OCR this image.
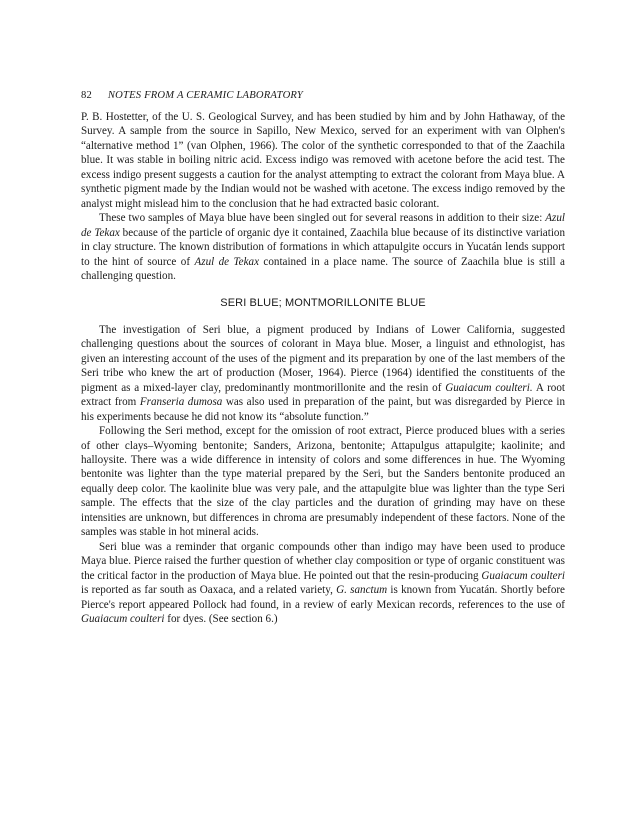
82 NOTES FROM A CERAMIC LABORATORY

P. B. Hostetter, of the U. S. Geological Survey, and has been studied by him and by John Hathaway, of the Survey. A sample from the source in Sapillo, New Mexico, served for an experiment with van Olphen's “alternative method 1” (van Olphen, 1966). The color of the synthetic corresponded to that of the Zaachila blue. It was stable in boiling nitric acid. Excess indigo was removed with acetone before the acid test. The excess indigo present suggests a caution for the analyst attempting to extract the colorant from Maya blue. A synthetic pigment made by the Indian would not be washed with acetone. The excess indigo removed by the analyst might mislead him to the conclusion that he had extracted basic colorant.

These two samples of Maya blue have been singled out for several reasons in addition to their size: Azul de Tekax because of the particle of organic dye it contained, Zaachila blue because of its distinctive variation in clay structure. The known distribution of formations in which attapulgite occurs in Yucatán lends support to the hint of source of Azul de Tekax contained in a place name. The source of Zaachila blue is still a challenging question.

SERI BLUE; MONTMORILLONITE BLUE

The investigation of Seri blue, a pigment produced by Indians of Lower California, suggested challenging questions about the sources of colorant in Maya blue. Moser, a linguist and ethnologist, has given an interesting account of the uses of the pigment and its preparation by one of the last members of the Seri tribe who knew the art of production (Moser, 1964). Pierce (1964) identified the constituents of the pigment as a mixed-layer clay, predominantly montmorillonite and the resin of Guaiacum coulteri. A root extract from Franseria dumosa was also used in preparation of the paint, but was disregarded by Pierce in his experiments because he did not know its “absolute function.”

Following the Seri method, except for the omission of root extract, Pierce produced blues with a series of other clays–Wyoming bentonite; Sanders, Arizona, bentonite; Attapulgus attapulgite; kaolinite; and halloysite. There was a wide difference in intensity of colors and some differences in hue. The Wyoming bentonite was lighter than the type material prepared by the Seri, but the Sanders bentonite produced an equally deep color. The kaolinite blue was very pale, and the attapulgite blue was lighter than the type Seri sample. The effects that the size of the clay particles and the duration of grinding may have on these intensities are unknown, but differences in chroma are presumably independent of these factors. None of the samples was stable in hot mineral acids.

Seri blue was a reminder that organic compounds other than indigo may have been used to produce Maya blue. Pierce raised the further question of whether clay composition or type of organic constituent was the critical factor in the production of Maya blue. He pointed out that the resin-producing Guaiacum coulteri is reported as far south as Oaxaca, and a related variety, G. sanctum is known from Yucatán. Shortly before Pierce's report appeared Pollock had found, in a review of early Mexican records, references to the use of Guaiacum coulteri for dyes. (See section 6.)
